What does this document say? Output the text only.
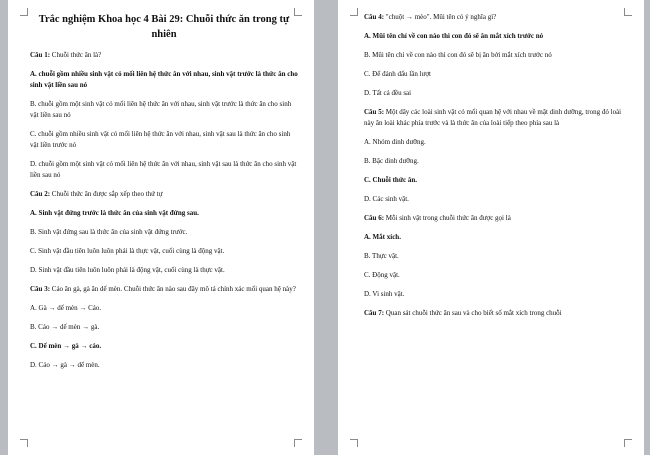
Trắc nghiệm Khoa học 4 Bài 29: Chuỗi thức ăn trong tự nhiên
Câu 1: Chuỗi thức ăn là?
A. chuỗi gồm nhiều sinh vật có mối liên hệ thức ăn với nhau, sinh vật trước là thức ăn cho sinh vật liền sau nó
B. chuỗi gồm một sinh vật có mối liên hệ thức ăn với nhau, sinh vật trước là thức ăn cho sinh vật liền sau nó
C. chuỗi gồm nhiều sinh vật có mối liên hệ thức ăn với nhau, sinh vật sau là thức ăn cho sinh vật liền trước nó
D. chuỗi gồm một sinh vật có mối liên hệ thức ăn với nhau, sinh vật sau là thức ăn cho sinh vật liền sau nó
Câu 2: Chuỗi thức ăn được sắp xếp theo thứ tự
A. Sinh vật đứng trước là thức ăn của sinh vật đứng sau.
B. Sinh vật đứng sau là thức ăn của sinh vật đứng trước.
C. Sinh vật đầu tiên luôn luôn phải là thực vật, cuối cùng là động vật.
D. Sinh vật đầu tiên luôn luôn phải là động vật, cuối cùng là thực vật.
Câu 3: Cáo ăn gà, gà ăn dế mèn. Chuỗi thức ăn nào sau đây mô tả chính xác mối quan hệ này?
A. Gà → dế mèn → Cáo.
B. Cáo → dế mèn → gà.
C. Dế mèn → gà → cáo.
D. Cáo → gà → dế mèn.
Câu 4: "chuột → mèo". Mũi tên có ý nghĩa gì?
A. Mũi tên chỉ về con nào thì con đó sẽ ăn mắt xích trước nó
B. Mũi tên chỉ về con nào thì con đó sẽ bị ăn bởi mắt xích trước nó
C. Để đánh dấu lần lượt
D. Tất cả đều sai
Câu 5: Một dãy các loài sinh vật có mối quan hệ với nhau về mặt dinh dưỡng, trong đó loài này ăn loài khác phía trước và là thức ăn của loài tiếp theo phía sau là
A. Nhóm dinh dưỡng.
B. Bậc dinh dưỡng.
C. Chuỗi thức ăn.
D. Các sinh vật.
Câu 6: Mỗi sinh vật trong chuỗi thức ăn được gọi là
A. Mắt xích.
B. Thực vật.
C. Động vật.
D. Vi sinh vật.
Câu 7: Quan sát chuỗi thức ăn sau và cho biết số mắt xích trong chuỗi
